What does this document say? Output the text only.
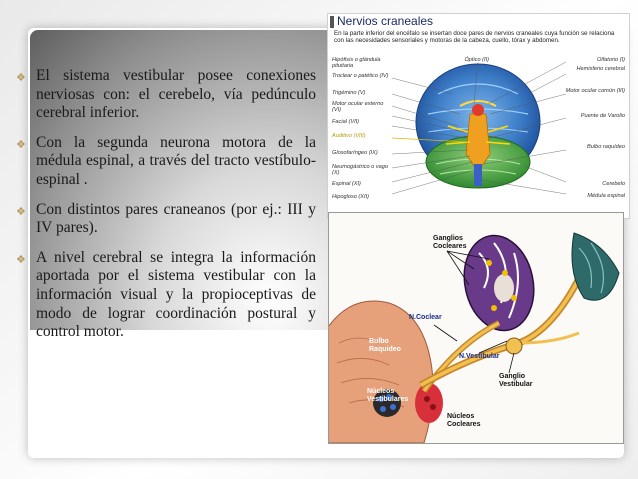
❖ El sistema vestibular posee conexiones nerviosas con: el cerebelo, vía pedúnculo cerebral inferior.
❖ Con la segunda neurona motora de la médula espinal, a través del tracto vestíbulo-espinal .
❖ Con distintos pares craneanos (por ej.: III y IV pares).
❖ A nivel cerebral se integra la información aportada por el sistema vestibular con la información visual y la propioceptivas de modo de lograr coordinación postural y control motor.
Nervios craneales
En la parte inferior del encéfalo se insertan doce pares de nervios craneales cuya función se relaciona con las necesidades sensoriales y motoras de la cabeza, cuello, tórax y abdomen.
Hipófisis o glándula pituitaria
Troclear o patético (IV)
Trigémino (V)
Motor ocular externo (VI)
Facial (VII)
Auditivo (VIII)
Glosofaríngeo (IX)
Neumogástrico o vago (X)
Espinal (XI)
Hipogloso (XII)
Óptico (II)	Olfatorio (I)
Hemisferio cerebral
Motor ocular común (III)
Puente de Varolio
Bulbo raquídeo
Cerebelo
Médula espinal
Ganglios Cocleares
N.Coclear
Bulbo Raquideo
N.Vestibular
Ganglio Vestibular
Núcleos Vestibulares
Núcleos Cocleares
